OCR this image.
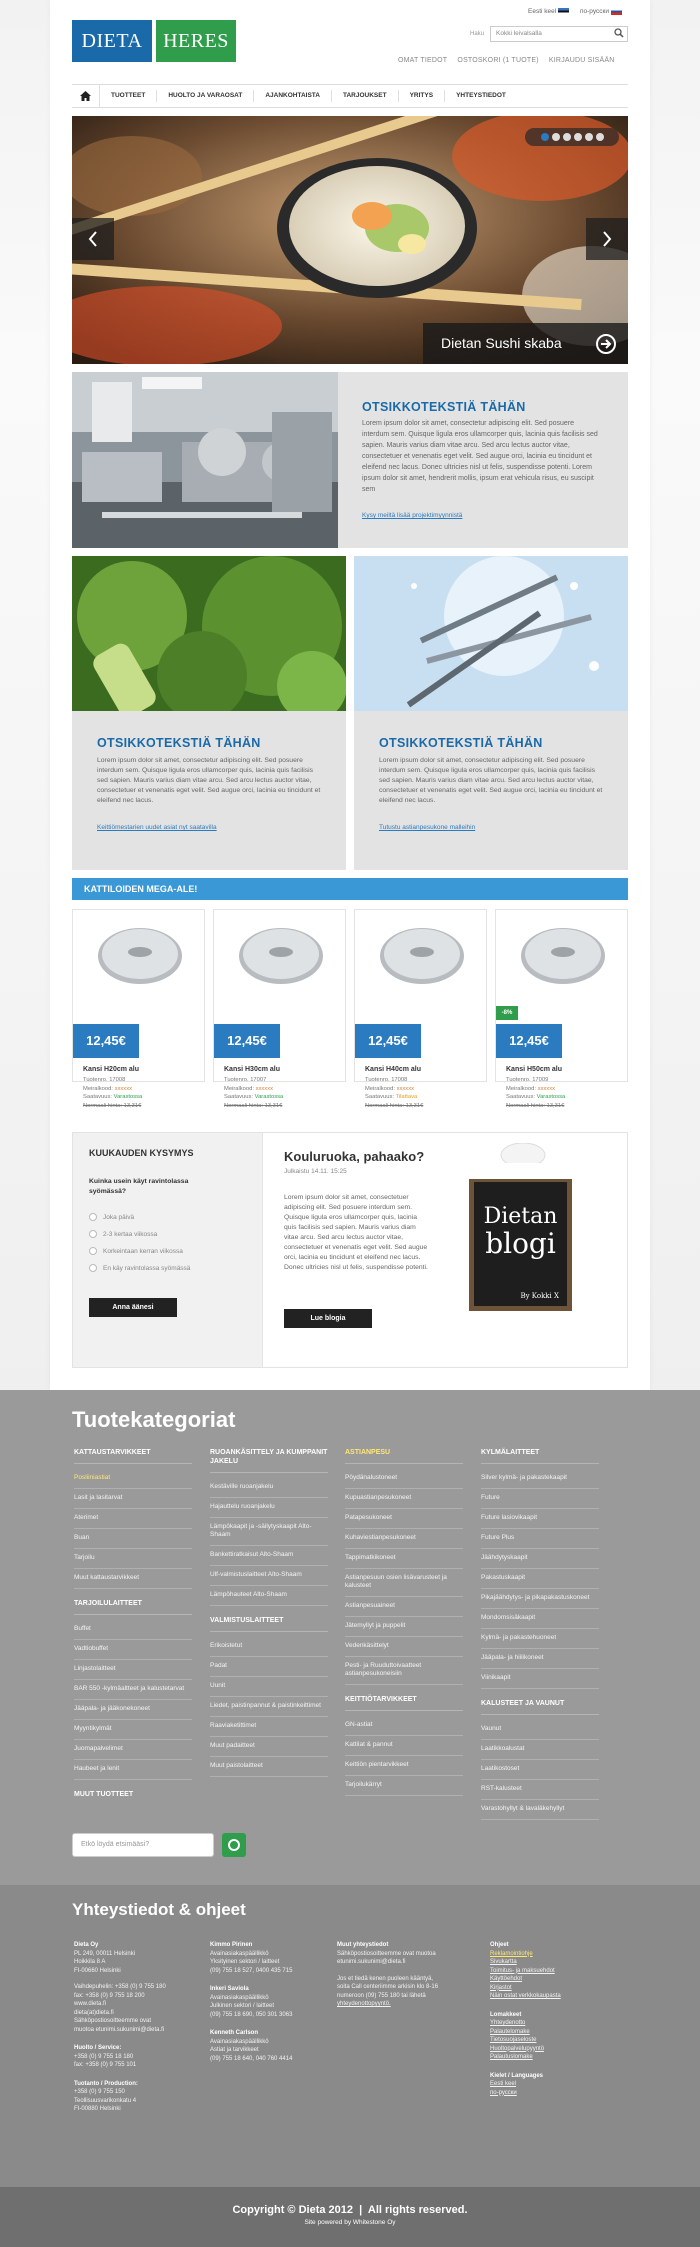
DIETA	HERES
Eesti keel	по-русски
Haku	Kokki leivalsalla
OMAT TIEDOT OSTOSKORI (1 TUOTE) KIRJAUDU SISÄÄN
TUOTTEET	HUOLTO JA VARAOSAT	AJANKOHTAISTA	TARJOUKSET	YRITYS	YHTEYSTIEDOT
Dietan Sushi skaba
OTSIKKOTEKSTIÄ TÄHÄN

Lorem ipsum dolor sit amet, consectetur adipiscing elit. Sed posuere interdum sem. Quisque ligula eros ullamcorper quis, lacinia quis facilisis sed sapien. Mauris varius diam vitae arcu. Sed arcu lectus auctor vitae, consectetuer et venenatis eget velit. Sed augue orci, lacinia eu tincidunt et eleifend nec lacus. Donec ultricies nisl ut felis, suspendisse potenti. Lorem ipsum dolor sit amet, hendrerit mollis, ipsum erat vehicula risus, eu suscipit sem

Kysy meiltä lisää projektimyynnistä
OTSIKKOTEKSTIÄ TÄHÄN

Lorem ipsum dolor sit amet, consectetur adipiscing elit. Sed posuere interdum sem. Quisque ligula eros ullamcorper quis, lacinia quis facilisis sed sapien. Mauris varius diam vitae arcu. Sed arcu lectus auctor vitae, consectetuer et venenatis eget velit. Sed augue orci, lacinia eu tincidunt et eleifend nec lacus.

Keittiömestarien uudet asiat nyt saatavilla
OTSIKKOTEKSTIÄ TÄHÄN

Lorem ipsum dolor sit amet, consectetur adipiscing elit. Sed posuere interdum sem. Quisque ligula eros ullamcorper quis, lacinia quis facilisis sed sapien. Mauris varius diam vitae arcu. Sed arcu lectus auctor vitae, consectetuer et venenatis eget velit. Sed augue orci, lacinia eu tincidunt et eleifend nec lacus.

Tutustu astianpesukone malleihin
KATTILOIDEN MEGA-ALE!
12,45€
Kansi H20cm alu
Tuotenro. 17008
Meiralkood: xxxxxx
Saatavuus: Varastossa
Normaali hinta: 13,31€
12,45€
Kansi H30cm alu
Tuotenro. 17007
Meiralkood: xxxxxx
Saatavuus: Varastossa
Normaali hinta: 13,31€
12,45€
Kansi H40cm alu
Tuotenro. 17008
Meiralkood: xxxxxx
Saatavuus: Tilattava
Normaali hinta: 13,31€
-8%
12,45€
Kansi H50cm alu
Tuotenro. 17009
Meiralkood: xxxxxx
Saatavuus: Varastossa
Normaali hinta: 13,31€
KUUKAUDEN KYSYMYS
Kuinka usein käyt ravintolassa syömässä?
Joka päivä
2-3 kertaa viikossa
Korkeintaan kerran viikossa
En käy ravintolassa syömässä
Anna äänesi
Kouluruoka, pahaako?
Julkaistu 14.11. 15:25

Lorem ipsum dolor sit amet, consectetuer adipiscing elit. Sed posuere interdum sem. Quisque ligula eros ullamcorper quis, lacinia quis facilisis sed sapien. Mauris varius diam vitae arcu. Sed arcu lectus auctor vitae, consectetuer et venenatis eget velit. Sed augue orci, lacinia eu tincidunt et eleifend nec lacus. Donec ultricies nisl ut felis, suspendisse potenti.

Lue blogia
Dietan
blogi
By Kokki X
Tuotekategoriat
KATTAUSTARVIKKEET
Posliiniastiat
Lasit ja lasitarvat
Aterimet
Buan
Tarjoilu
Muut kattaustarvikkeet
TARJOILULAITTEET
Buffet
Vadtiobuffet
Linjastolaitteet
BAR 550 -kylmäaltteet ja kalustetarvat
Jääpala- ja jääkonekoneet
Myyntikylmät
Juomapalvelimet
Haubeet ja lenit
MUUT TUOTTEET
RUOANKÄSITTELY JA KUMPPANIT JAKELU
Kestäville ruoanjakelu
Hajauttelu ruoanjakelu
Lämpökaapit ja -säilytyskaapit Alto-Shaam
Bankettiratkaisut Alto-Shaam
Ulf-valmistuslaitteet Alto-Shaam
Lämpöhauteet Alto-Shaam
VALMISTUSLAITTEET
Erikoistetut
Padat
Uunit
Liedet, paistinpannut & paistinkeittimet
Raaviaketittimet
Muut padaitteet
Muut paistolaitteet
ASTIANPESU
Pöydänalustoneet
Kupuastianpesukoneet
Patapesukoneet
Kuhaviestianpesukoneet
Tappimatkikoneet
Astianpesuun osien lisävarusteet ja kalusteet
Astianpesuaineet
Jätemyllyt ja puppelit
Vedenkäsittelyt
Pesti- ja Ruuduttoivaatteet astianpesukoneisiin
KEITTIÖTARVIKKEET
GN-astiat
Kattilat & pannut
Keittiön pientarvikkeet
Tarjoilukärryt
KYLMÄLAITTEET
Silver kylmä- ja pakastekaapit
Future
Future lasiovikaapit
Future Plus
Jäähdytyskaapit
Pakastuskaapit
Pikajäähdytys- ja pikapakastuskoneet
Mondomsisäkaapit
Kylmä- ja pakastehuoneet
Jääpala- ja hiilikoneet
Viinikaapit
KALUSTEET JA VAUNUT
Vaunut
Laatikkoalustat
Laatikostoset
RST-kalusteet
Varastohyllyt & lavaläkehyllyt
Etkö löydä etsimääsi?
Yhteystiedot & ohjeet
Dieta Oy
PL 249, 00011 Helsinki
Hoikkila 8 A
FI-00660 Helsinki
Vaihdepuhelin: +358 (0) 9 755 180
fax: +358 (0) 9 755 18 200
www.dieta.fi
dieta(at)dieta.fi
Sähköpostiosoitteemme ovat
muotoa etunimi.sukunimi@dieta.fi
Huolto / Service:
+358 (0) 9 755 18 180
fax: +358 (0) 9 755 101
Tuotanto / Production:
+358 (0) 9 755 150
Teollisuusvarikonkatu 4
FI-00880 Helsinki
Kimmo Pirinen
Avainasiakaspäällikkö
Yksityinen sektori / laitteet
(09) 755 18 527, 0400 435 715
Inkeri Saviola
Avainasiakaspäällikkö
Julkinen sektori / laitteet
(09) 755 18 690, 050 301 3063
Kenneth Carlson
Avainasiakaspäällikkö
Astiat ja tarvikkeet
(09) 755 18 640, 040 760 4414
Muut yhteystiedot
Sähköpostiosoitteemme ovat muotoa
etunimi.sukunimi@dieta.fi
Jos et tiedä kenen puoleen kääntyä,
soita Call centeriimme arkisin klo 8-16
numeroon (09) 755 180 tai lähetä
yhteydenottopyyntö.
Ohjeet
Reklamointiohje
Sivukartta
Toimitus- ja maksuehdot
Käyttöehdot
Kirjastot
Näin ostat verkkokaupasta
Lomakkeet
Yhteydenotto
Palautelomake
Tietosuojaseloste
Huoltopalvelupyyntö
Palautuslomake
Kielet / Languages
Eesti keel
по-русски
Copyright © Dieta 2012  |  All rights reserved.
Site powered by Whitestone Oy
